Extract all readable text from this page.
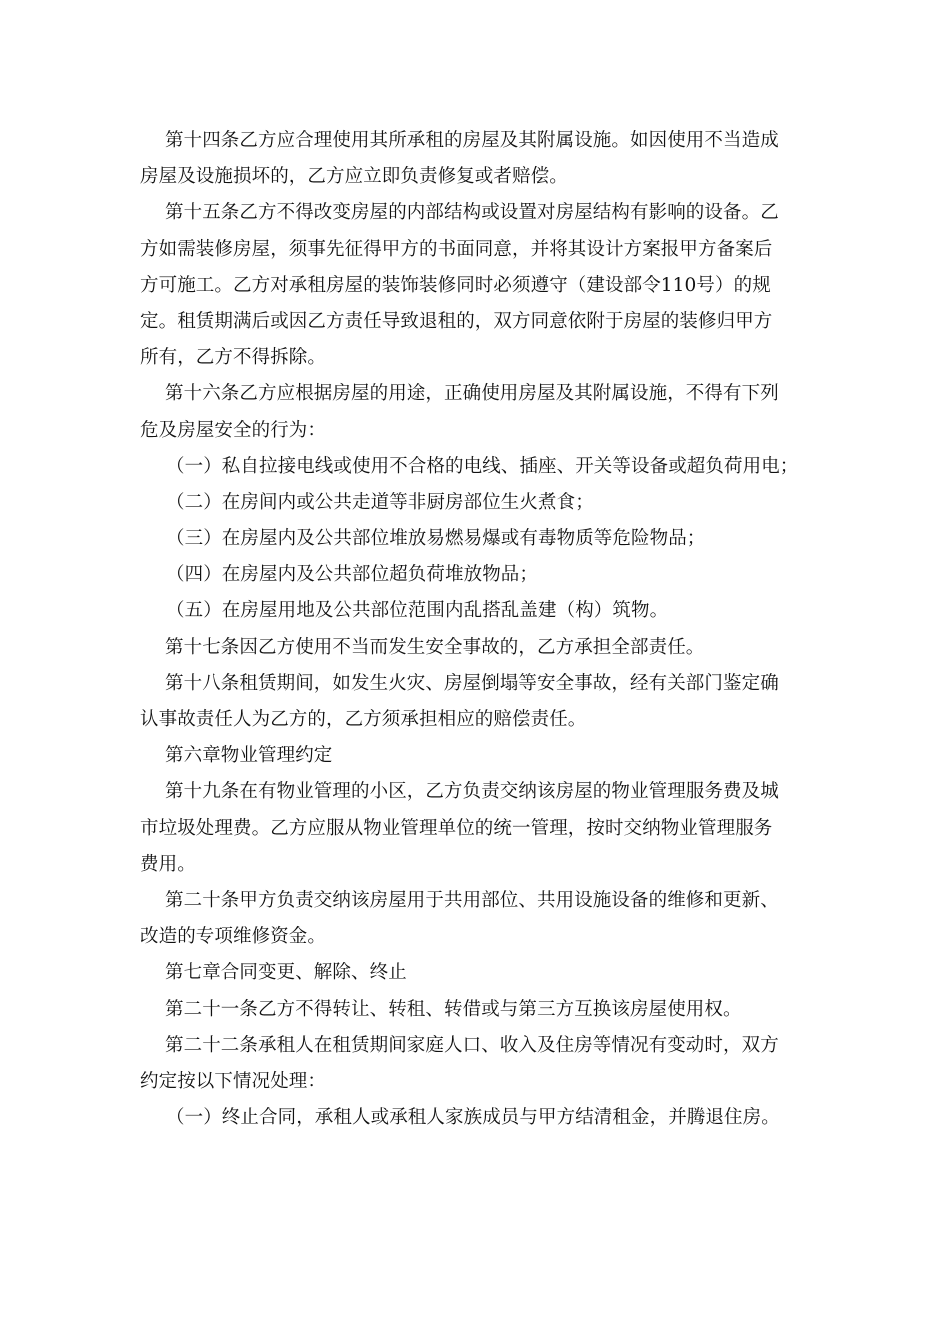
第十四条乙方应合理使用其所承租的房屋及其附属设施。如因使用不当造成
房屋及设施损坏的，乙方应立即负责修复或者赔偿。
第十五条乙方不得改变房屋的内部结构或设置对房屋结构有影响的设备。乙
方如需装修房屋，须事先征得甲方的书面同意，并将其设计方案报甲方备案后
方可施工。乙方对承租房屋的装饰装修同时必须遵守（建设部令110号）的规
定。租赁期满后或因乙方责任导致退租的，双方同意依附于房屋的装修归甲方
所有，乙方不得拆除。
第十六条乙方应根据房屋的用途，正确使用房屋及其附属设施，不得有下列
危及房屋安全的行为：
（一）私自拉接电线或使用不合格的电线、插座、开关等设备或超负荷用电；
（二）在房间内或公共走道等非厨房部位生火煮食；
（三）在房屋内及公共部位堆放易燃易爆或有毒物质等危险物品；
（四）在房屋内及公共部位超负荷堆放物品；
（五）在房屋用地及公共部位范围内乱搭乱盖建（构）筑物。
第十七条因乙方使用不当而发生安全事故的，乙方承担全部责任。
第十八条租赁期间，如发生火灾、房屋倒塌等安全事故，经有关部门鉴定确
认事故责任人为乙方的，乙方须承担相应的赔偿责任。
第六章物业管理约定
第十九条在有物业管理的小区，乙方负责交纳该房屋的物业管理服务费及城
市垃圾处理费。乙方应服从物业管理单位的统一管理，按时交纳物业管理服务
费用。
第二十条甲方负责交纳该房屋用于共用部位、共用设施设备的维修和更新、
改造的专项维修资金。
第七章合同变更、解除、终止
第二十一条乙方不得转让、转租、转借或与第三方互换该房屋使用权。
第二十二条承租人在租赁期间家庭人口、收入及住房等情况有变动时，双方
约定按以下情况处理：
（一）终止合同，承租人或承租人家族成员与甲方结清租金，并腾退住房。
